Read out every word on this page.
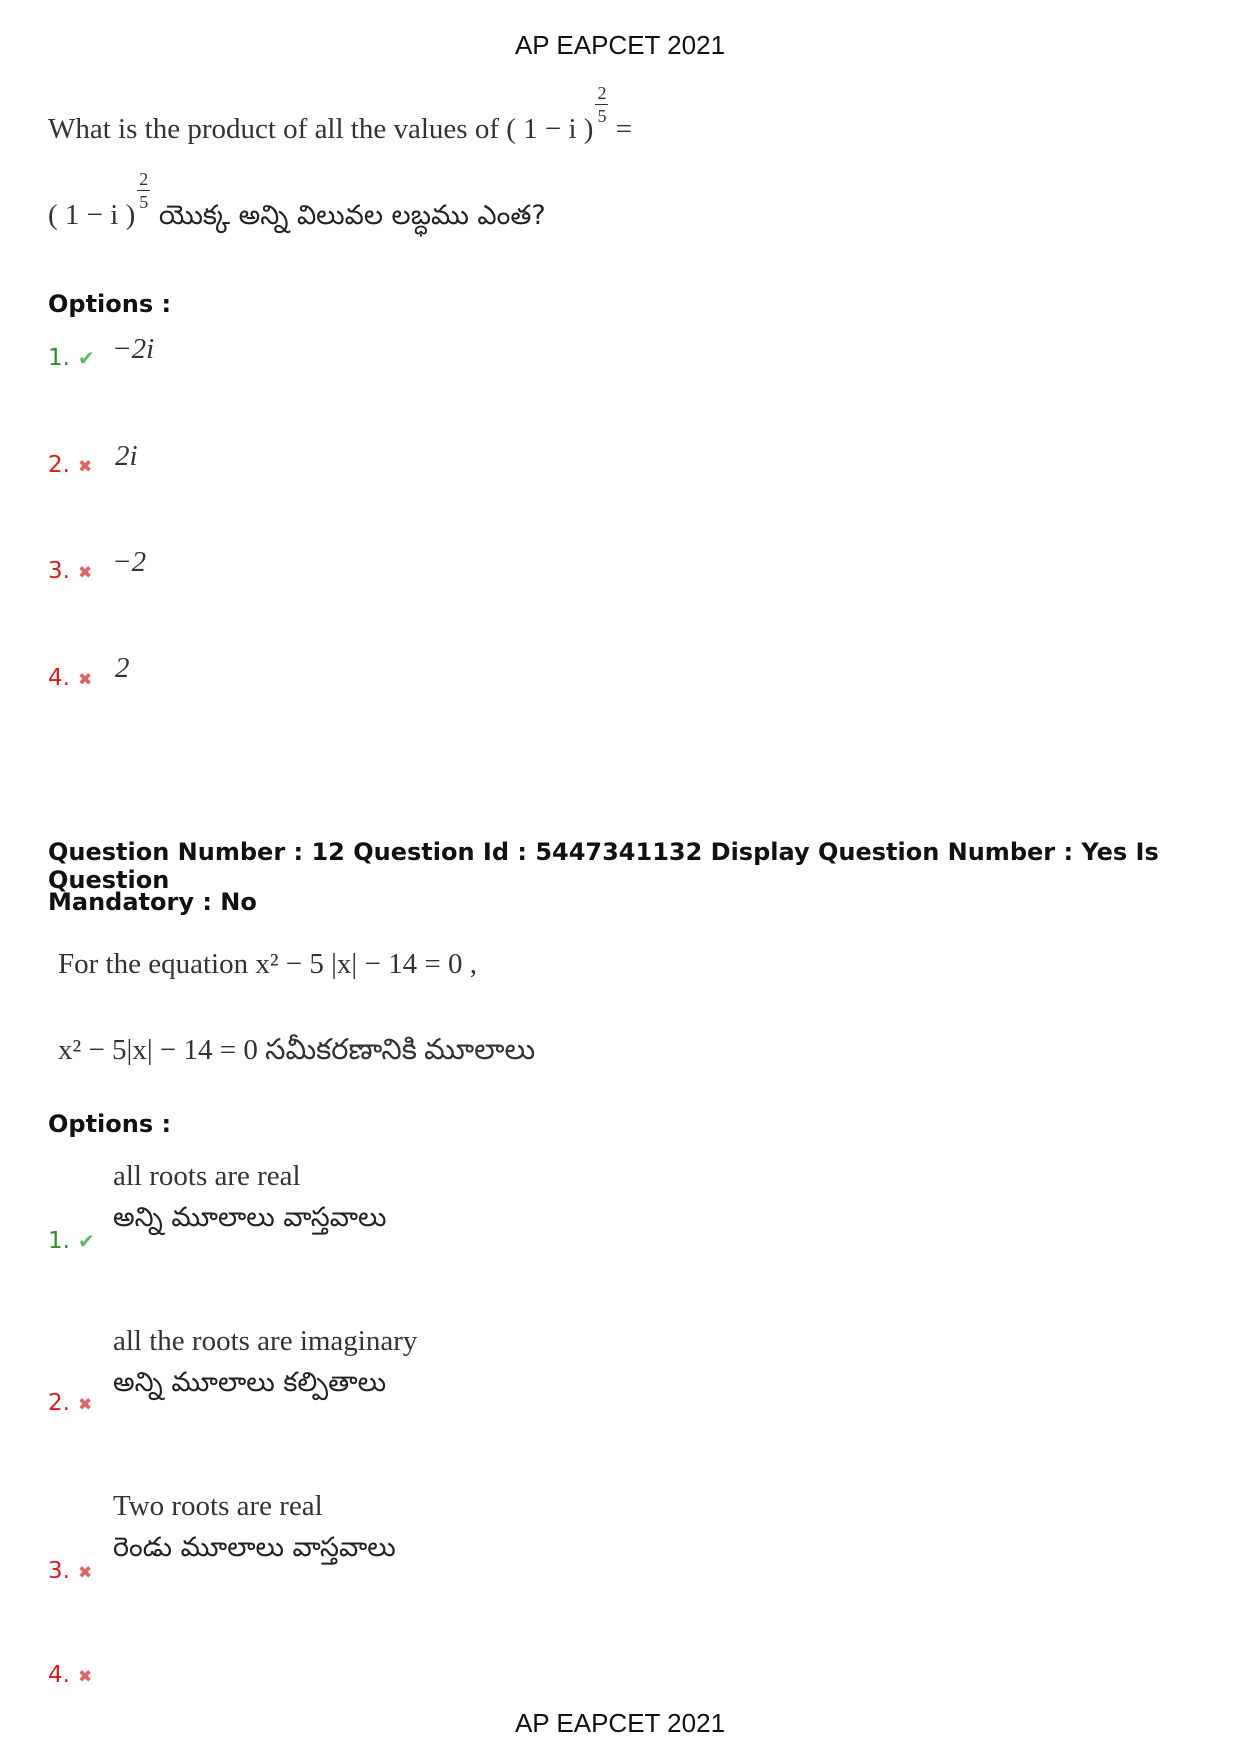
AP EAPCET 2021
What is the product of all the values of ( 1 − i )
$\frac{2}{5}$
=
( 1 − i )
$\frac{2}{5}$
యొక్క అన్ని విలువల లబ్ధము ఎంత?
Options :
1. ✔ −2i
2. ✖ 2i
3. ✖ −2
4. ✖ 2
Question Number : 12 Question Id : 5447341132 Display Question Number : Yes Is Question
Mandatory : No
For the equation x² − 5 |x| − 14 = 0 ,
x² − 5|x| − 14 = 0 సమీకరణానికి మూలాలు
Options :
all roots are real
అన్ని మూలాలు వాస్తవాలు
1. ✔
all the roots are imaginary
అన్ని మూలాలు కల్పితాలు
2. ✖
Two roots are real
రెండు మూలాలు వాస్తవాలు
3. ✖
4. ✖
AP EAPCET 2021
